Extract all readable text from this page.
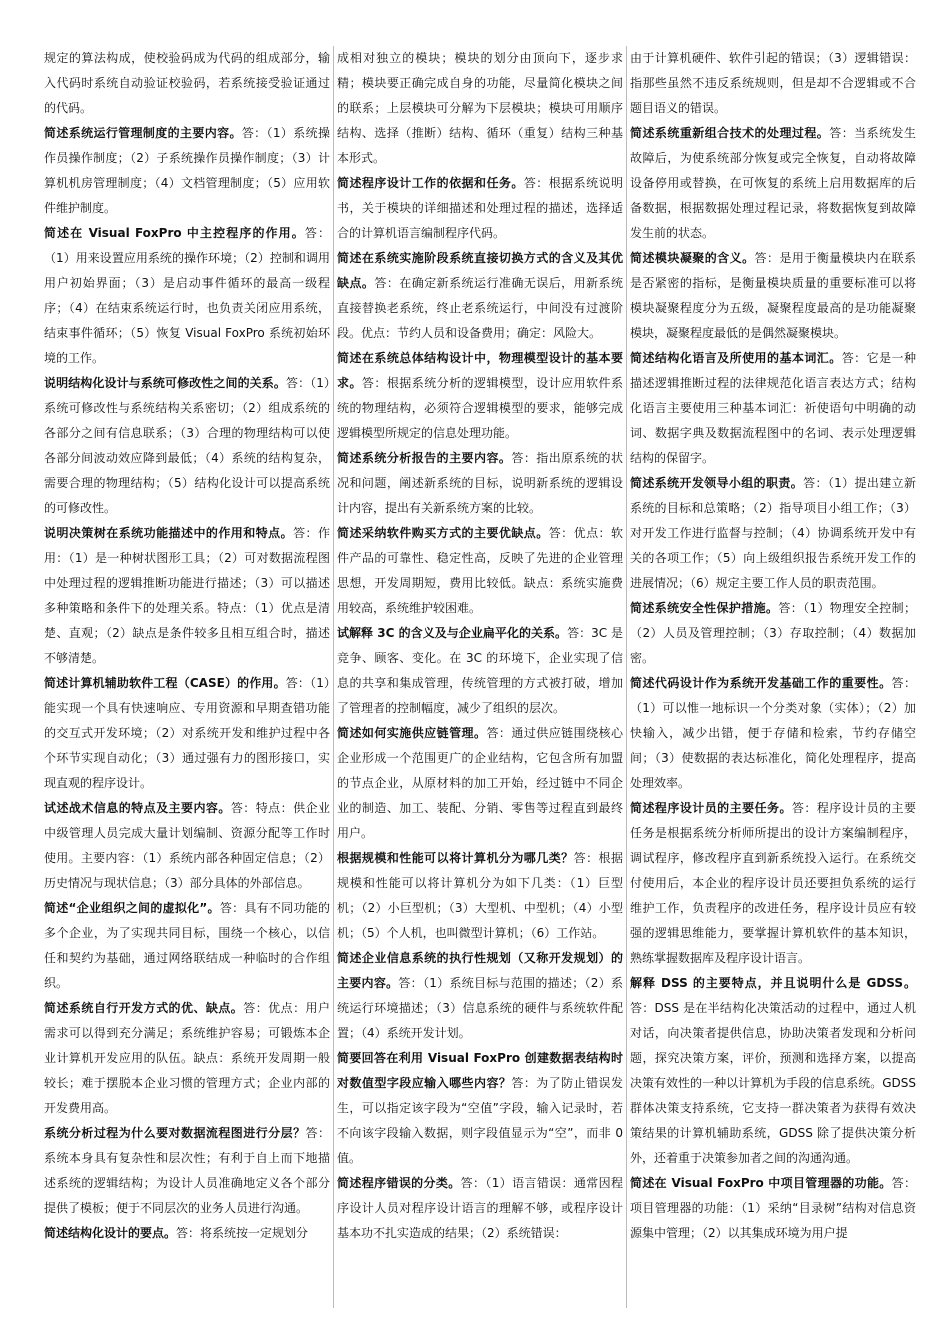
规定的算法构成，使校验码成为代码的组成部分，输入代码时系统自动验证校验码，若系统接受验证通过的代码。

简述系统运行管理制度的主要内容。答：（1）系统操作员操作制度；（2）子系统操作员操作制度；（3）计算机机房管理制度；（4）文档管理制度；（5）应用软件维护制度。

简述在 Visual FoxPro 中主控程序的作用。答：（1）用来设置应用系统的操作环境；（2）控制和调用用户初始界面；（3）是启动事件循环的最高一级程序；（4）在结束系统运行时，也负责关闭应用系统，结束事件循环；（5）恢复 Visual FoxPro 系统初始环境的工作。

说明结构化设计与系统可修改性之间的关系。答：（1）系统可修改性与系统结构关系密切；（2）组成系统的各部分之间有信息联系；（3）合理的物理结构可以使各部分间波动效应降到最低；（4）系统的结构复杂，需要合理的物理结构；（5）结构化设计可以提高系统的可修改性。

说明决策树在系统功能描述中的作用和特点。答：作用：（1）是一种树状图形工具；（2）可对数据流程图中处理过程的逻辑推断功能进行描述；（3）可以描述多种策略和条件下的处理关系。特点：（1）优点是清楚、直观；（2）缺点是条件较多且相互组合时，描述不够清楚。

简述计算机辅助软件工程（CASE）的作用。答：（1）能实现一个具有快速响应、专用资源和早期查错功能的交互式开发环境；（2）对系统开发和维护过程中各个环节实现自动化；（3）通过强有力的图形接口，实现直观的程序设计。

试述战术信息的特点及主要内容。答：特点：供企业中级管理人员完成大量计划编制、资源分配等工作时使用。主要内容：（1）系统内部各种固定信息；（2）历史情况与现状信息；（3）部分具体的外部信息。

简述“企业组织之间的虚拟化”。答：具有不同功能的多个企业，为了实现共同目标，围绕一个核心，以信任和契约为基础，通过网络联结成一种临时的合作组织。

简述系统自行开发方式的优、缺点。答：优点：用户需求可以得到充分满足；系统维护容易；可锻炼本企业计算机开发应用的队伍。缺点：系统开发周期一般较长；难于摆脱本企业习惯的管理方式；企业内部的开发费用高。

系统分析过程为什么要对数据流程图进行分层？答：系统本身具有复杂性和层次性；有利于自上而下地描述系统的逻辑结构；为设计人员准确地定义各个部分提供了模板；便于不同层次的业务人员进行沟通。

简述结构化设计的要点。答：将系统按一定规划分

成相对独立的模块；模块的划分由顶向下，逐步求精；模块要正确完成自身的功能，尽量简化模块之间的联系；上层模块可分解为下层模块；模块可用顺序结构、选择（推断）结构、循环（重复）结构三种基本形式。

简述程序设计工作的依据和任务。答：根据系统说明书，关于模块的详细描述和处理过程的描述，选择适合的计算机语言编制程序代码。

简述在系统实施阶段系统直接切换方式的含义及其优缺点。答：在确定新系统运行准确无误后，用新系统直接替换老系统，终止老系统运行，中间没有过渡阶段。优点：节约人员和设备费用；确定：风险大。

简述在系统总体结构设计中，物理模型设计的基本要求。答：根据系统分析的逻辑模型，设计应用软件系统的物理结构，必须符合逻辑模型的要求，能够完成逻辑模型所规定的信息处理功能。

简述系统分析报告的主要内容。答：指出原系统的状况和问题，阐述新系统的目标，说明新系统的逻辑设计内容，提出有关新系统方案的比较。

简述采纳软件购买方式的主要优缺点。答：优点：软件产品的可靠性、稳定性高，反映了先进的企业管理思想，开发周期短，费用比较低。缺点：系统实施费用较高，系统维护较困难。

试解释 3C 的含义及与企业扁平化的关系。答：3C 是竞争、顾客、变化。在 3C 的环境下，企业实现了信息的共享和集成管理，传统管理的方式被打破，增加了管理者的控制幅度，减少了组织的层次。

简述如何实施供应链管理。答：通过供应链围绕核心企业形成一个范围更广的企业结构，它包含所有加盟的节点企业，从原材料的加工开始，经过链中不同企业的制造、加工、装配、分销、零售等过程直到最终用户。

根据规模和性能可以将计算机分为哪几类？答：根据规模和性能可以将计算机分为如下几类：（1）巨型机；（2）小巨型机；（3）大型机、中型机；（4）小型机；（5）个人机，也叫微型计算机；（6）工作站。

简述企业信息系统的执行性规划（又称开发规划）的主要内容。答：（1）系统目标与范围的描述；（2）系统运行环境描述；（3）信息系统的硬件与系统软件配置；（4）系统开发计划。

简要回答在利用 Visual FoxPro 创建数据表结构时对数值型字段应输入哪些内容？答：为了防止错误发生，可以指定该字段为“空值”字段，输入记录时，若不向该字段输入数据，则字段值显示为“空”，而非 0 值。

简述程序错误的分类。答：（1）语言错误：通常因程序设计人员对程序设计语言的理解不够，或程序设计基本功不扎实造成的结果；（2）系统错误：

由于计算机硬件、软件引起的错误；（3）逻辑错误：指那些虽然不违反系统规则，但是却不合逻辑或不合题目语义的错误。

简述系统重新组合技术的处理过程。答：当系统发生故障后，为使系统部分恢复或完全恢复，自动将故障设备停用或替换，在可恢复的系统上启用数据库的后备数据，根据数据处理过程记录，将数据恢复到故障发生前的状态。

简述模块凝聚的含义。答：是用于衡量模块内在联系是否紧密的指标，是衡量模块质量的重要标准可以将模块凝聚程度分为五级，凝聚程度最高的是功能凝聚模块，凝聚程度最低的是偶然凝聚模块。

简述结构化语言及所使用的基本词汇。答：它是一种描述逻辑推断过程的法律规范化语言表达方式；结构化语言主要使用三种基本词汇：祈使语句中明确的动词、数据字典及数据流程图中的名词、表示处理逻辑结构的保留字。

简述系统开发领导小组的职责。答：（1）提出建立新系统的目标和总策略；（2）指导项目小组工作；（3）对开发工作进行监督与控制；（4）协调系统开发中有关的各项工作；（5）向上级组织报告系统开发工作的进展情况；（6）规定主要工作人员的职责范围。

简述系统安全性保护措施。答：（1）物理安全控制；（2）人员及管理控制；（3）存取控制；（4）数据加密。

简述代码设计作为系统开发基础工作的重要性。答：（1）可以惟一地标识一个分类对象（实体）；（2）加快输入，减少出错，便于存储和检索，节约存储空间；（3）使数据的表达标准化，简化处理程序，提高处理效率。

简述程序设计员的主要任务。答：程序设计员的主要任务是根据系统分析师所提出的设计方案编制程序，调试程序，修改程序直到新系统投入运行。在系统交付使用后，本企业的程序设计员还要担负系统的运行维护工作，负责程序的改进任务，程序设计员应有较强的逻辑思维能力，要掌握计算机软件的基本知识，熟练掌握数据库及程序设计语言。

解释 DSS 的主要特点，并且说明什么是 GDSS。答：DSS 是在半结构化决策活动的过程中，通过人机对话，向决策者提供信息，协助决策者发现和分析问题，探究决策方案，评价，预测和选择方案，以提高决策有效性的一种以计算机为手段的信息系统。GDSS 群体决策支持系统，它支持一群决策者为获得有效决策结果的计算机辅助系统，GDSS 除了提供决策分析外，还着重于决策参加者之间的沟通沟通。

简述在 Visual FoxPro 中项目管理器的功能。答：项目管理器的功能：（1）采纳“目录树”结构对信息资源集中管理；（2）以其集成环境为用户提
